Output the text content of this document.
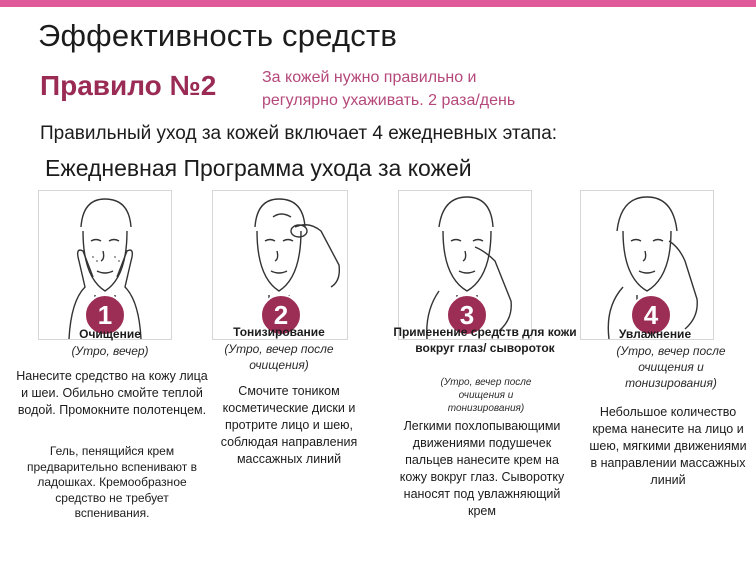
Эффективность средств
Правило №2	За кожей нужно правильно и
регулярно ухаживать. 2 раза/день
Правильный уход за кожей включает 4 ежедневных этапа:
Ежедневная Программа ухода за кожей
1
Очищение
(Утро, вечер)
Нанесите средство на кожу лица и шеи. Обильно смойте теплой водой. Промокните полотенцем.
Гель, пенящийся крем предварительно вспенивают в ладошках. Кремообразное средство не требует вспенивания.
2
Тонизирование
(Утро, вечер после очищения)
Смочите тоником косметические диски и протрите лицо и шею, соблюдая направления массажных линий
3
Применение средств для кожи вокруг глаз/ сывороток
(Утро, вечер после очищения и тонизирования)
Легкими похлопывающими движениями подушечек пальцев нанесите крем на кожу вокруг глаз. Сыворотку наносят под увлажняющий крем
4
Увлажнение
(Утро, вечер после очищения и тонизирования)
Небольшое количество крема нанесите на лицо и шею, мягкими движениями в направлении массажных линий
